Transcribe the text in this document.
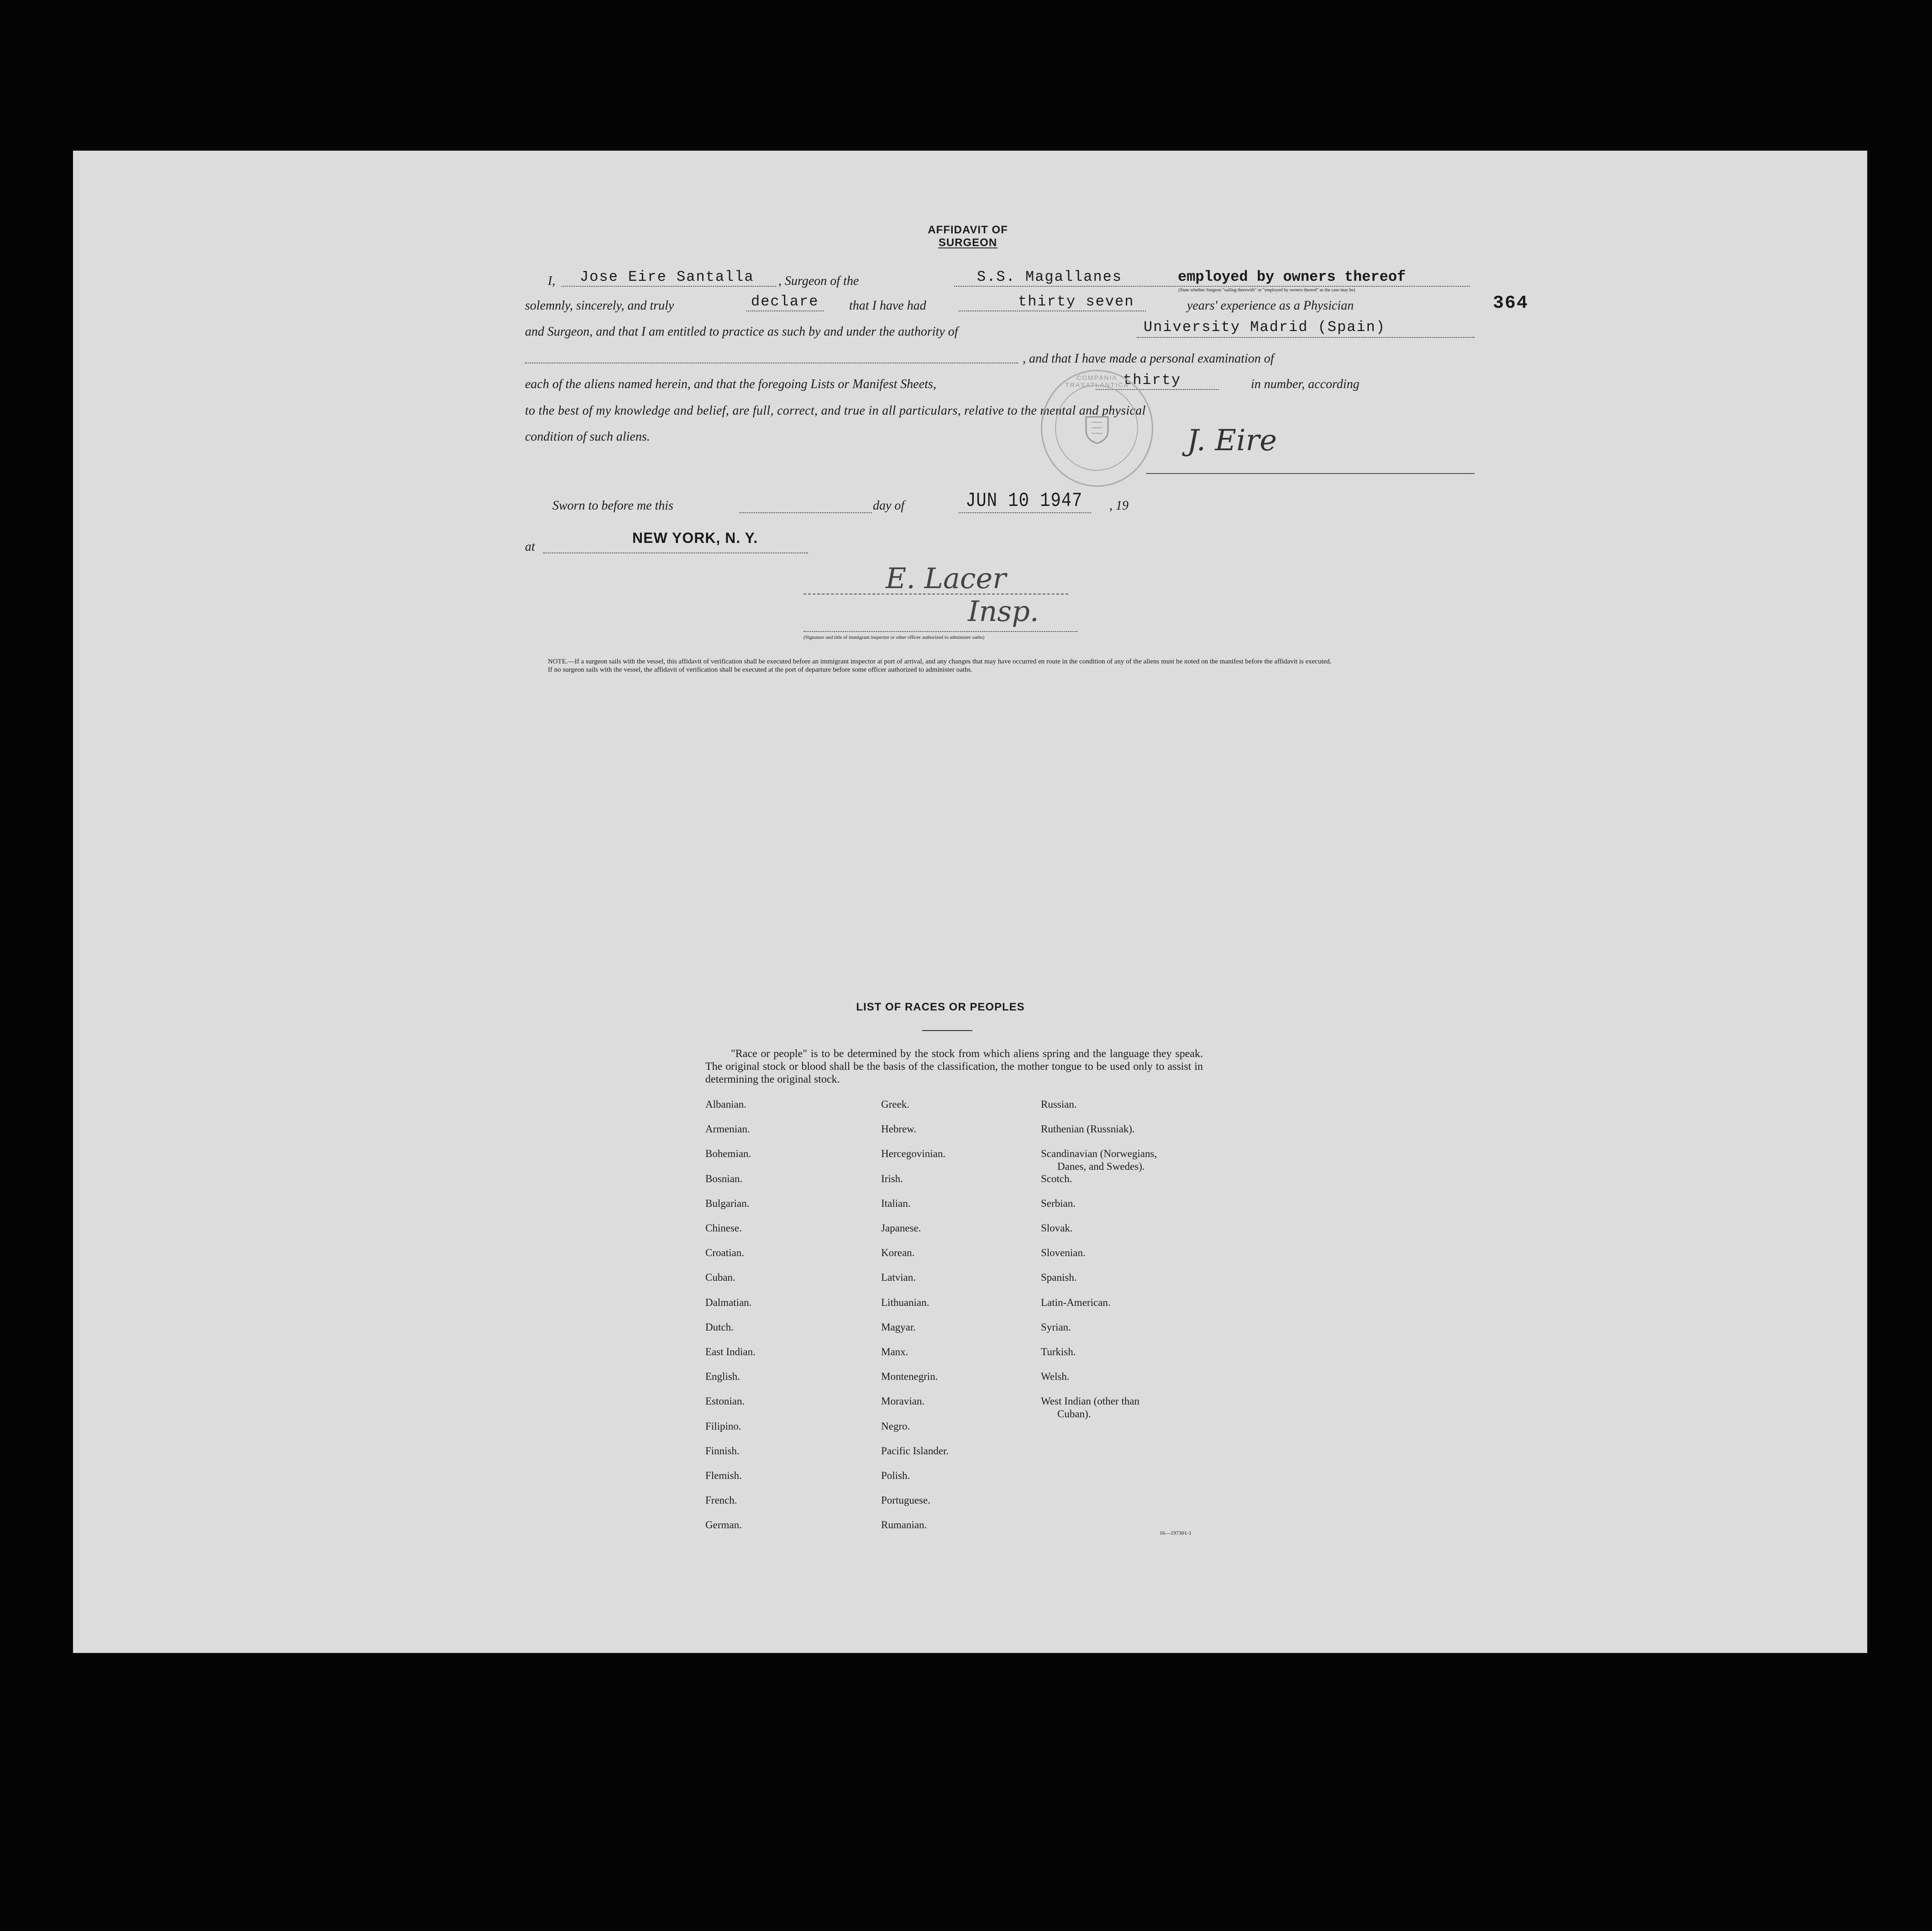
364
AFFIDAVIT OF SURGEON
I, Jose Eire Santalla , Surgeon of the	S.S. Magallanes	employed by owners thereof
(State whether Surgeon "sailing therewith" or "employed by owners thereof" as the case may be)
solemnly, sincerely, and truly	declare that I have had	thirty seven	years' experience as a Physician
and Surgeon, and that I am entitled to practice as such by and under the authority of	University Madrid (Spain)
, and that I have made a personal examination of
each of the aliens named herein, and that the foregoing Lists or Manifest Sheets,	thirty	in number, according
to the best of my knowledge and belief, are full, correct, and true in all particulars, relative to the mental and physical
condition of such aliens.
COMPANIA TRASATLANTICA
J. Eire
Sworn to before me this	day of	JUN 10 1947 , 19
at
NEW YORK, N. Y.
E. Lacer
Insp.
(Signature and title of immigrant inspector or other officer authorized to administer oaths)
NOTE.—If a surgeon sails with the vessel, this affidavit of verification shall be executed before an immigrant inspector at port of arrival, and any changes that may have occurred en route in the condition of any of the aliens must be noted on the manifest before the affidavit is executed.
If no surgeon sails with the vessel, the affidavit of verification shall be executed at the port of departure before some officer authorized to administer oaths.
LIST OF RACES OR PEOPLES
"Race or people" is to be determined by the stock from which aliens spring and the language they speak. The original stock or blood shall be the basis of the classification, the mother tongue to be used only to assist in determining the original stock.
16—197301-1
Albanian.
Armenian.
Bohemian.
Bosnian.
Bulgarian.
Chinese.
Croatian.
Cuban.
Dalmatian.
Dutch.
East Indian.
English.
Estonian.
Filipino.
Finnish.
Flemish.
French.
German.
Greek.
Hebrew.
Hercegovinian.
Irish.
Italian.
Japanese.
Korean.
Latvian.
Lithuanian.
Magyar.
Manx.
Montenegrin.
Moravian.
Negro.
Pacific Islander.
Polish.
Portuguese.
Rumanian.
Russian.
Ruthenian (Russniak).
Scandinavian (Norwegians,
Danes, and Swedes).
Scotch.
Serbian.
Slovak.
Slovenian.
Spanish.
Latin-American.
Syrian.
Turkish.
Welsh.
West Indian (other than
Cuban).
